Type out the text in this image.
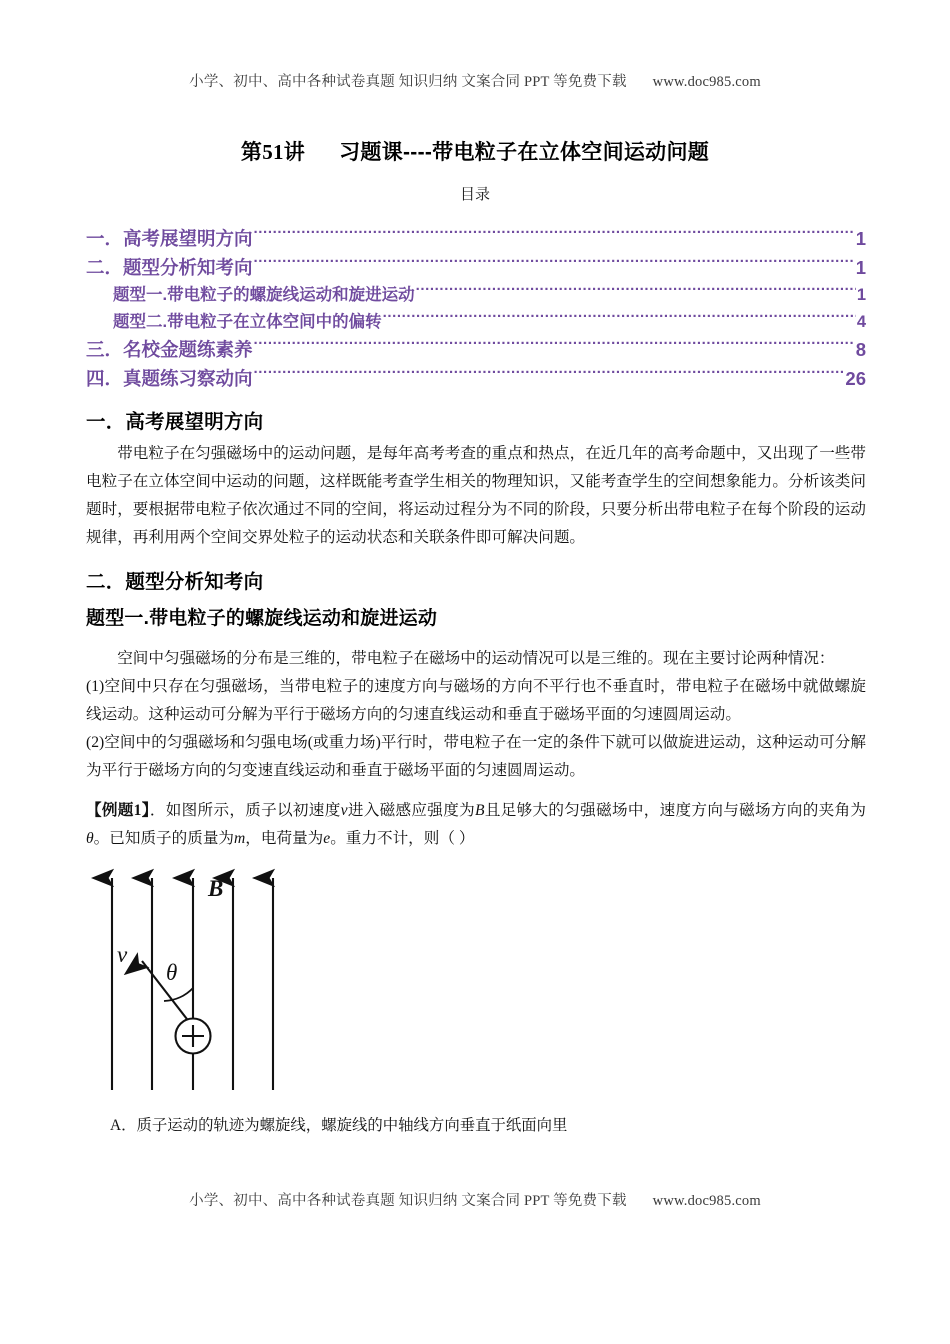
小学、初中、高中各种试卷真题 知识归纳 文案合同 PPT 等免费下载 www.doc985.com
第51讲 习题课----带电粒子在立体空间运动问题
目录
一．高考展望明方向 .....	1
二．题型分析知考向 .....	1
题型一.带电粒子的螺旋线运动和旋进运动 .....	1
题型二.带电粒子在立体空间中的偏转 .....	4
三．名校金题练素养 .....	8
四．真题练习察动向 .....	26
一．高考展望明方向
带电粒子在匀强磁场中的运动问题，是每年高考考查的重点和热点，在近几年的高考命题中，又出现了一些带电粒子在立体空间中运动的问题，这样既能考查学生相关的物理知识，又能考查学生的空间想象能力。分析该类问题时，要根据带电粒子依次通过不同的空间，将运动过程分为不同的阶段，只要分析出带电粒子在每个阶段的运动规律，再利用两个空间交界处粒子的运动状态和关联条件即可解决问题。
二．题型分析知考向
题型一.带电粒子的螺旋线运动和旋进运动
空间中匀强磁场的分布是三维的，带电粒子在磁场中的运动情况可以是三维的。现在主要讨论两种情况：
(1)空间中只存在匀强磁场，当带电粒子的速度方向与磁场的方向不平行也不垂直时，带电粒子在磁场中就做螺旋线运动。这种运动可分解为平行于磁场方向的匀速直线运动和垂直于磁场平面的匀速圆周运动。
(2)空间中的匀强磁场和匀强电场(或重力场)平行时，带电粒子在一定的条件下就可以做旋进运动，这种运动可分解为平行于磁场方向的匀变速直线运动和垂直于磁场平面的匀速圆周运动。
【例题1】．如图所示，质子以初速度v进入磁感应强度为B且足够大的匀强磁场中，速度方向与磁场方向的夹角为θ。已知质子的质量为m，电荷量为e。重力不计，则（ ）
B
v
θ
A．质子运动的轨迹为螺旋线，螺旋线的中轴线方向垂直于纸面向里
小学、初中、高中各种试卷真题 知识归纳 文案合同 PPT 等免费下载 www.doc985.com
